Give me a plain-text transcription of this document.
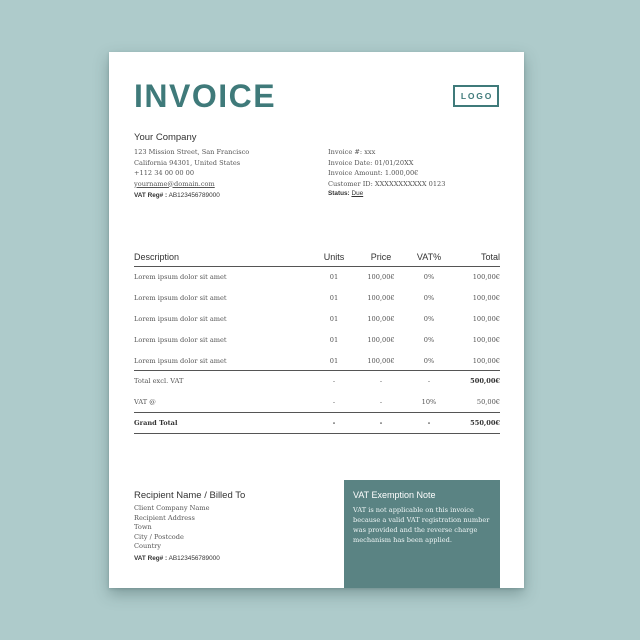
INVOICE	LOGO
Your Company
123 Mission Street, San Francisco
California 94301, United States
+112 34 00 00 00
yourname@domain.com
VAT Reg# : AB123456789000
Invoice #: xxx
Invoice Date: 01/01/20XX
Invoice Amount: 1.000,00€
Customer ID: XXXXXXXXXXX 0123
Status: Due
Description	Units	Price	VAT%	Total
Lorem ipsum dolor sit amet	01	100,00€	0%	100,00€
Lorem ipsum dolor sit amet	01	100,00€	0%	100,00€
Lorem ipsum dolor sit amet	01	100,00€	0%	100,00€
Lorem ipsum dolor sit amet	01	100,00€	0%	100,00€
Lorem ipsum dolor sit amet	01	100,00€	0%	100,00€
Total excl. VAT	-	-	-	500,00€
VAT @	-	-	10%	50,00€
Grand Total	-	-	-	550,00€
Recipient Name / Billed To
Client Company Name
Recipient Address
Town
City / Postcode
Country
VAT Reg# : AB123456789000
VAT Exemption Note
VAT is not applicable on this invoice because a valid VAT registration number was provided and the reverse charge mechanism has been applied.
